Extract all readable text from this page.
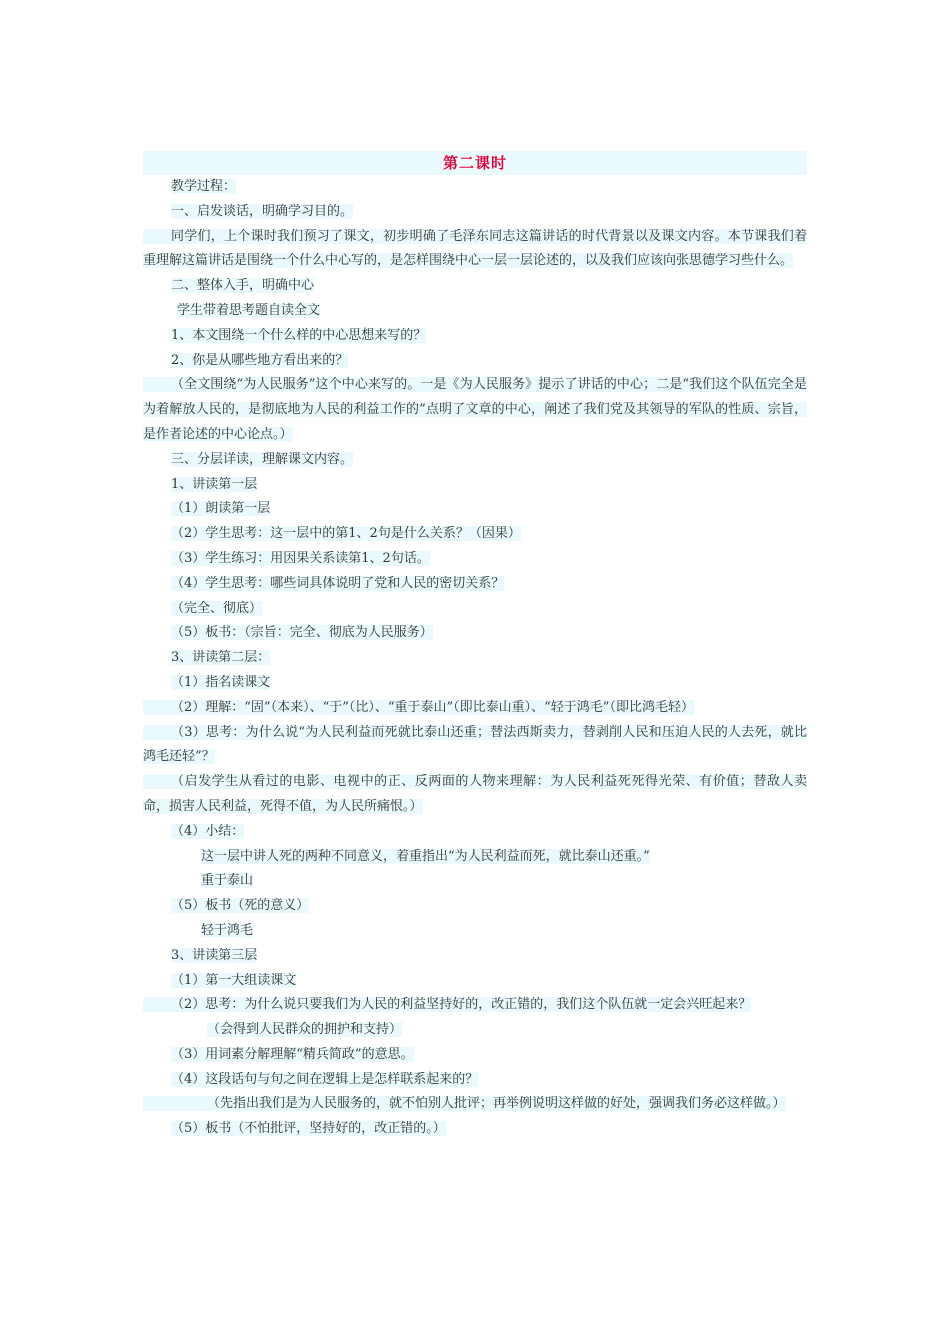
第二课时
教学过程：
一、启发谈话，明确学习目的。
同学们，上个课时我们预习了课文，初步明确了毛泽东同志这篇讲话的时代背景以及课文内容。本节课我们着重理解这篇讲话是围绕一个什么中心写的，是怎样围绕中心一层一层论述的，以及我们应该向张思德学习些什么。
二、整体入手，明确中心
学生带着思考题自读全文
1、本文围绕一个什么样的中心思想来写的？
2、你是从哪些地方看出来的？
（全文围绕“为人民服务”这个中心来写的。一是《为人民服务》提示了讲话的中心；二是“我们这个队伍完全是为着解放人民的，是彻底地为人民的利益工作的”点明了文章的中心，阐述了我们党及其领导的军队的性质、宗旨，是作者论述的中心论点。）
三、分层详读，理解课文内容。
1、讲读第一层
（1）朗读第一层
（2）学生思考：这一层中的第1、2句是什么关系？（因果）
（3）学生练习：用因果关系读第1、2句话。
（4）学生思考：哪些词具体说明了党和人民的密切关系？
（完全、彻底）
（5）板书：（宗旨：完全、彻底为人民服务）
3、讲读第二层：
（1）指名读课文
（2）理解：“固”（本来）、“于”（比）、“重于泰山”（即比泰山重）、“轻于鸿毛”（即比鸿毛轻）
（3）思考：为什么说“为人民利益而死就比泰山还重；替法西斯卖力，替剥削人民和压迫人民的人去死，就比鸿毛还轻”？
（启发学生从看过的电影、电视中的正、反两面的人物来理解：为人民利益死死得光荣、有价值；替敌人卖命，损害人民利益，死得不值，为人民所痛恨。）
（4）小结：
这一层中讲人死的两种不同意义，着重指出“为人民利益而死，就比泰山还重。”
重于泰山
（5）板书（死的意义）
轻于鸿毛
3、讲读第三层
（1）第一大组读课文
（2）思考：为什么说只要我们为人民的利益坚持好的，改正错的，我们这个队伍就一定会兴旺起来？
（会得到人民群众的拥护和支持）
（3）用词素分解理解“精兵简政”的意思。
（4）这段话句与句之间在逻辑上是怎样联系起来的？
（先指出我们是为人民服务的，就不怕别人批评；再举例说明这样做的好处，强调我们务必这样做。）
（5）板书（不怕批评，坚持好的，改正错的。）
